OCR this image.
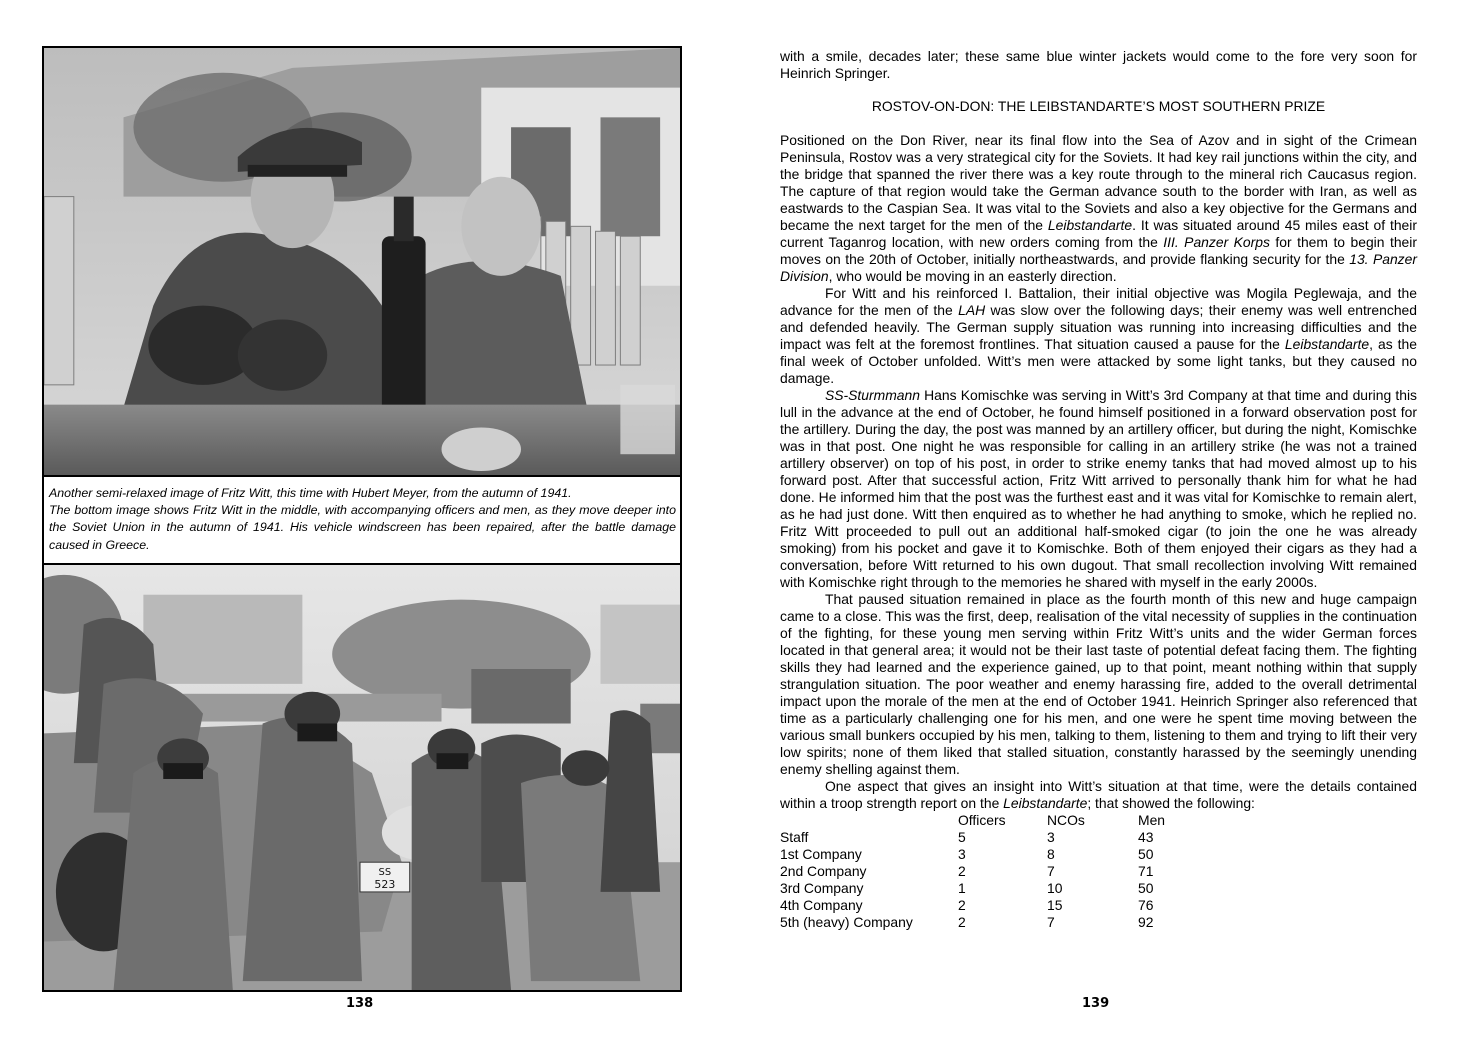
Another semi-relaxed image of Fritz Witt, this time with Hubert Meyer, from the autumn of 1941.

The bottom image shows Fritz Witt in the middle, with accompanying officers and men, as they move deeper into the Soviet Union in the autumn of 1941. His vehicle windscreen has been repaired, after the battle damage caused in Greece.

SS
523
138

with a smile, decades later; these same blue winter jackets would come to the fore very soon for Heinrich Springer.

ROSTOV-ON-DON: THE LEIBSTANDARTE’S MOST SOUTHERN PRIZE

Positioned on the Don River, near its final flow into the Sea of Azov and in sight of the Crimean Peninsula, Rostov was a very strategical city for the Soviets. It had key rail junctions within the city, and the bridge that spanned the river there was a key route through to the mineral rich Caucasus region. The capture of that region would take the German advance south to the border with Iran, as well as eastwards to the Caspian Sea. It was vital to the Soviets and also a key objective for the Germans and became the next target for the men of the Leibstandarte. It was situated around 45 miles east of their current Taganrog location, with new orders coming from the III. Panzer Korps for them to begin their moves on the 20th of October, initially northeastwards, and provide flanking security for the 13. Panzer Division, who would be moving in an easterly direction.

For Witt and his reinforced I. Battalion, their initial objective was Mogila Peglewaja, and the advance for the men of the LAH was slow over the following days; their enemy was well entrenched and defended heavily. The German supply situation was running into increasing difficulties and the impact was felt at the foremost frontlines. That situation caused a pause for the Leibstandarte, as the final week of October unfolded. Witt’s men were attacked by some light tanks, but they caused no damage.

SS-Sturmmann Hans Komischke was serving in Witt’s 3rd Company at that time and during this lull in the advance at the end of October, he found himself positioned in a forward observation post for the artillery. During the day, the post was manned by an artillery officer, but during the night, Komischke was in that post. One night he was responsible for calling in an artillery strike (he was not a trained artillery observer) on top of his post, in order to strike enemy tanks that had moved almost up to his forward post. After that successful action, Fritz Witt arrived to personally thank him for what he had done. He informed him that the post was the furthest east and it was vital for Komischke to remain alert, as he had just done. Witt then enquired as to whether he had anything to smoke, which he replied no. Fritz Witt proceeded to pull out an additional half-smoked cigar (to join the one he was already smoking) from his pocket and gave it to Komischke. Both of them enjoyed their cigars as they had a conversation, before Witt returned to his own dugout. That small recollection involving Witt remained with Komischke right through to the memories he shared with myself in the early 2000s.

That paused situation remained in place as the fourth month of this new and huge campaign came to a close. This was the first, deep, realisation of the vital necessity of supplies in the continuation of the fighting, for these young men serving within Fritz Witt’s units and the wider German forces located in that general area; it would not be their last taste of potential defeat facing them. The fighting skills they had learned and the experience gained, up to that point, meant nothing within that supply strangulation situation. The poor weather and enemy harassing fire, added to the overall detrimental impact upon the morale of the men at the end of October 1941. Heinrich Springer also referenced that time as a particularly challenging one for his men, and one were he spent time moving between the various small bunkers occupied by his men, talking to them, listening to them and trying to lift their very low spirits; none of them liked that stalled situation, constantly harassed by the seemingly unending enemy shelling against them.

One aspect that gives an insight into Witt’s situation at that time, were the details contained within a troop strength report on the Leibstandarte; that showed the following:

	Officers	NCOs	Men
Staff	5	3	43
1st Company	3	8	50
2nd Company	2	7	71
3rd Company	1	10	50
4th Company	2	15	76
5th (heavy) Company	2	7	92
139
